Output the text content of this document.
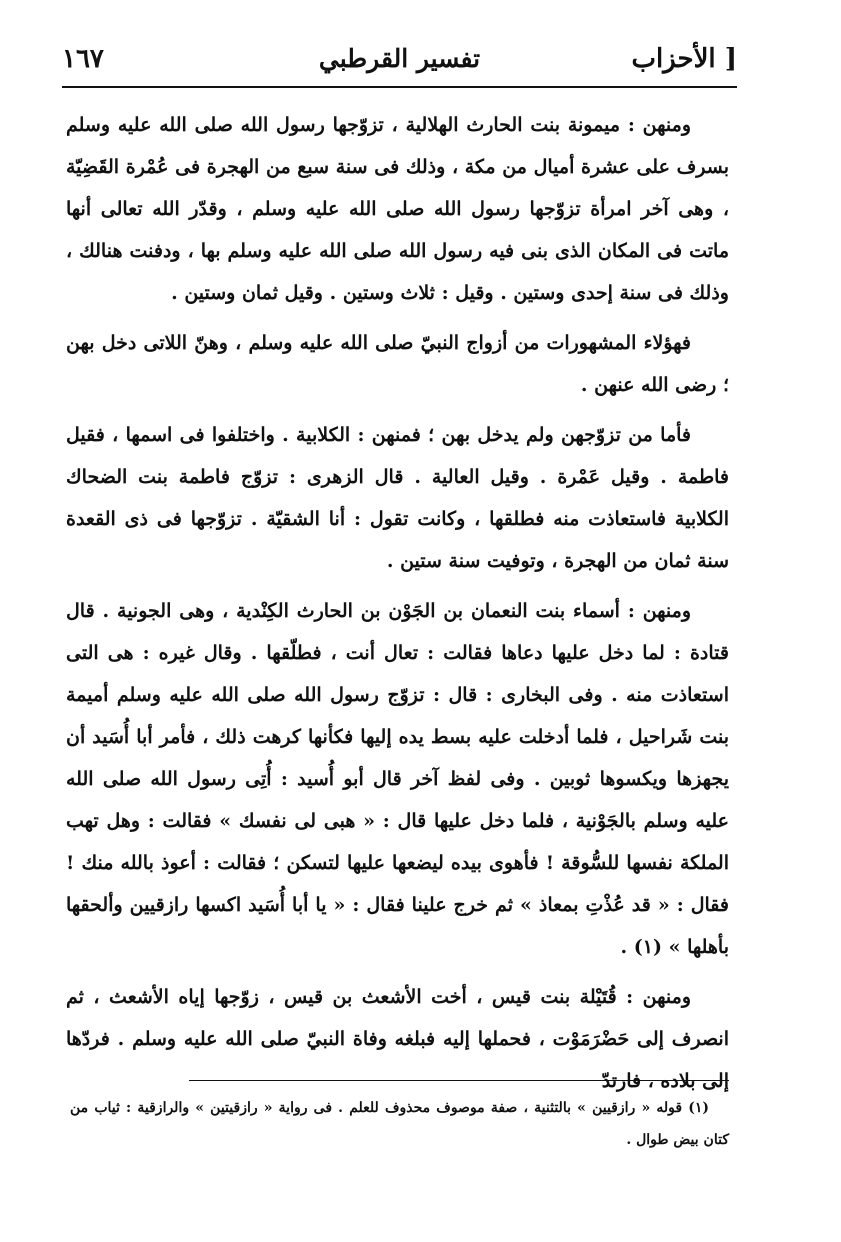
[ الأحزاب
تفسير القرطبي
١٦٧

ومنهن : ميمونة بنت الحارث الهلالية ، تزوّجها رسول الله صلى الله عليه وسلم بسرف على عشرة أميال من مكة ، وذلك فى سنة سبع من الهجرة فى عُمْرة القَضِيّة ، وهى آخر امرأة تزوّجها رسول الله صلى الله عليه وسلم ، وقدّر الله تعالى أنها ماتت فى المكان الذى بنى فيه رسول الله صلى الله عليه وسلم بها ، ودفنت هنالك ، وذلك فى سنة إحدى وستين . وقيل : ثلاث وستين . وقيل ثمان وستين .

فهؤلاء المشهورات من أزواج النبيّ صلى الله عليه وسلم ، وهنّ اللاتى دخل بهن ؛ رضى الله عنهن .

فأما من تزوّجهن ولم يدخل بهن ؛ فمنهن : الكلابية . واختلفوا فى اسمها ، فقيل فاطمة . وقيل عَمْرة . وقيل العالية . قال الزهرى : تزوّج فاطمة بنت الضحاك الكلابية فاستعاذت منه فطلقها ، وكانت تقول : أنا الشقيّة . تزوّجها فى ذى القعدة سنة ثمان من الهجرة ، وتوفيت سنة ستين .

ومنهن : أسماء بنت النعمان بن الجَوْن بن الحارث الكِنْدية ، وهى الجونية . قال قتادة : لما دخل عليها دعاها فقالت : تعال أنت ، فطلّقها . وقال غيره : هى التى استعاذت منه . وفى البخارى : قال : تزوّج رسول الله صلى الله عليه وسلم أميمة بنت شَراحيل ، فلما أدخلت عليه بسط يده إليها فكأنها كرهت ذلك ، فأمر أبا أُسَيد أن يجهزها ويكسوها ثوبين . وفى لفظ آخر قال أبو أُسيد : أُتِى رسول الله صلى الله عليه وسلم بالجَوْنية ، فلما دخل عليها قال : « هبى لى نفسك » فقالت : وهل تهب الملكة نفسها للسُّوقة ! فأهوى بيده ليضعها عليها لتسكن ؛ فقالت : أعوذ بالله منك ! فقال : « قد عُذْتِ بمعاذ » ثم خرج علينا فقال : « يا أبا أُسَيد اكسها رازقيين وألحقها بأهلها » (١) .

ومنهن : قُتَيْلة بنت قيس ، أخت الأشعث بن قيس ، زوّجها إياه الأشعث ، ثم انصرف إلى حَضْرَمَوْت ، فحملها إليه فبلغه وفاة النبيّ صلى الله عليه وسلم . فردّها إلى بلاده ، فارتدّ

(١) قوله « رازقيين » بالتثنية ، صفة موصوف محذوف للعلم . فى رواية « رازقيتين » والرازقية : ثياب من كتان بيض طوال .
